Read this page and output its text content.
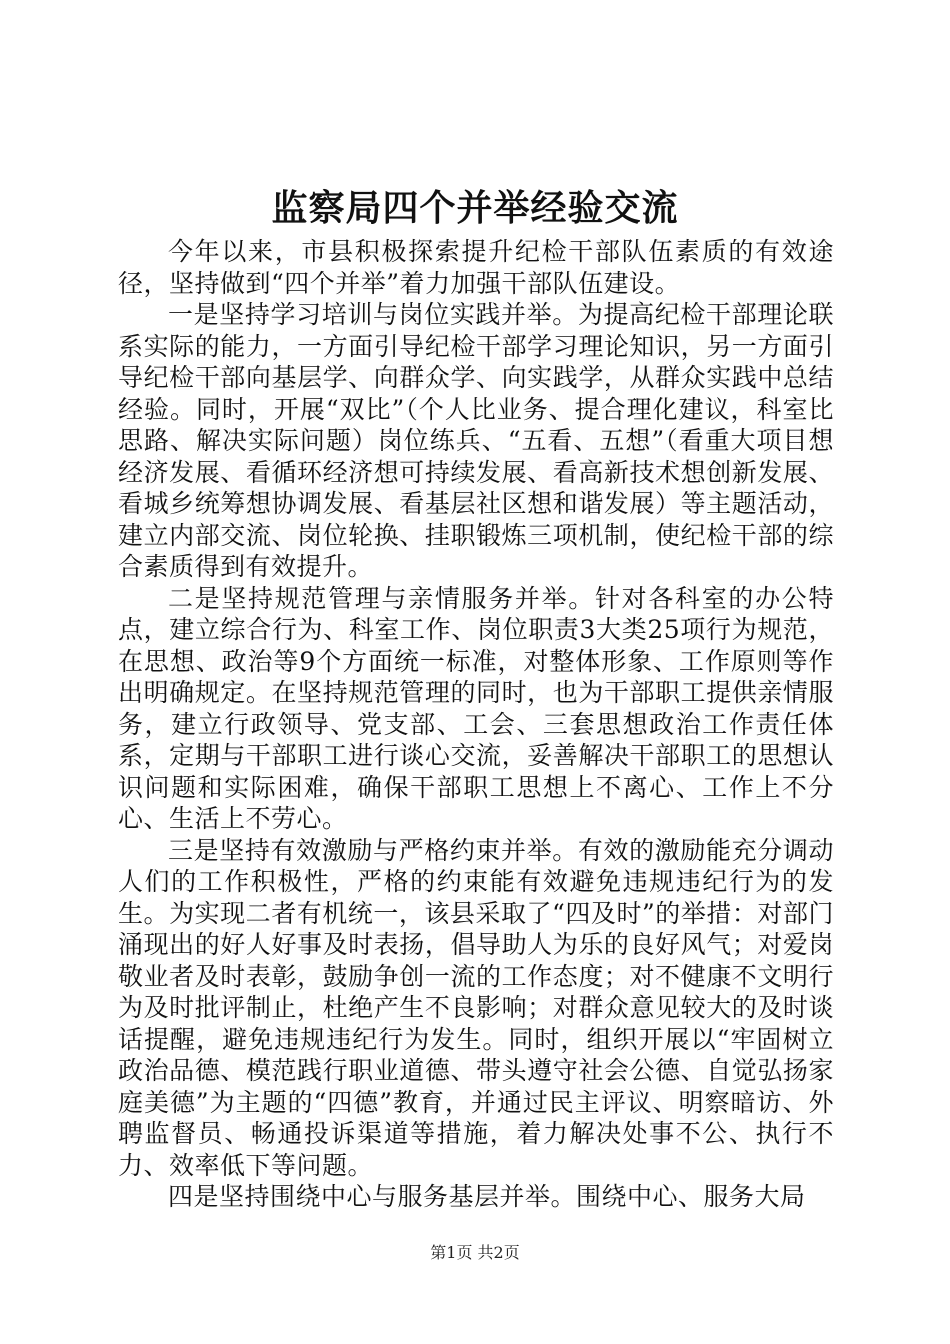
监察局四个并举经验交流

今年以来，市县积极探索提升纪检干部队伍素质的有效途径，坚持做到“四个并举”着力加强干部队伍建设。

一是坚持学习培训与岗位实践并举。为提高纪检干部理论联系实际的能力，一方面引导纪检干部学习理论知识，另一方面引导纪检干部向基层学、向群众学、向实践学，从群众实践中总结经验。同时，开展“双比”（个人比业务、提合理化建议，科室比思路、解决实际问题）岗位练兵、“五看、五想”（看重大项目想经济发展、看循环经济想可持续发展、看高新技术想创新发展、看城乡统筹想协调发展、看基层社区想和谐发展）等主题活动，建立内部交流、岗位轮换、挂职锻炼三项机制，使纪检干部的综合素质得到有效提升。

二是坚持规范管理与亲情服务并举。针对各科室的办公特点，建立综合行为、科室工作、岗位职责3大类25项行为规范，在思想、政治等9个方面统一标准，对整体形象、工作原则等作出明确规定。在坚持规范管理的同时，也为干部职工提供亲情服务，建立行政领导、党支部、工会、三套思想政治工作责任体系，定期与干部职工进行谈心交流，妥善解决干部职工的思想认识问题和实际困难，确保干部职工思想上不离心、工作上不分心、生活上不劳心。

三是坚持有效激励与严格约束并举。有效的激励能充分调动人们的工作积极性，严格的约束能有效避免违规违纪行为的发生。为实现二者有机统一，该县采取了“四及时”的举措：对部门涌现出的好人好事及时表扬，倡导助人为乐的良好风气；对爱岗敬业者及时表彰，鼓励争创一流的工作态度；对不健康不文明行为及时批评制止，杜绝产生不良影响；对群众意见较大的及时谈话提醒，避免违规违纪行为发生。同时，组织开展以“牢固树立政治品德、模范践行职业道德、带头遵守社会公德、自觉弘扬家庭美德”为主题的“四德”教育，并通过民主评议、明察暗访、外聘监督员、畅通投诉渠道等措施，着力解决处事不公、执行不力、效率低下等问题。

四是坚持围绕中心与服务基层并举。围绕中心、服务大局

第1页 共2页
